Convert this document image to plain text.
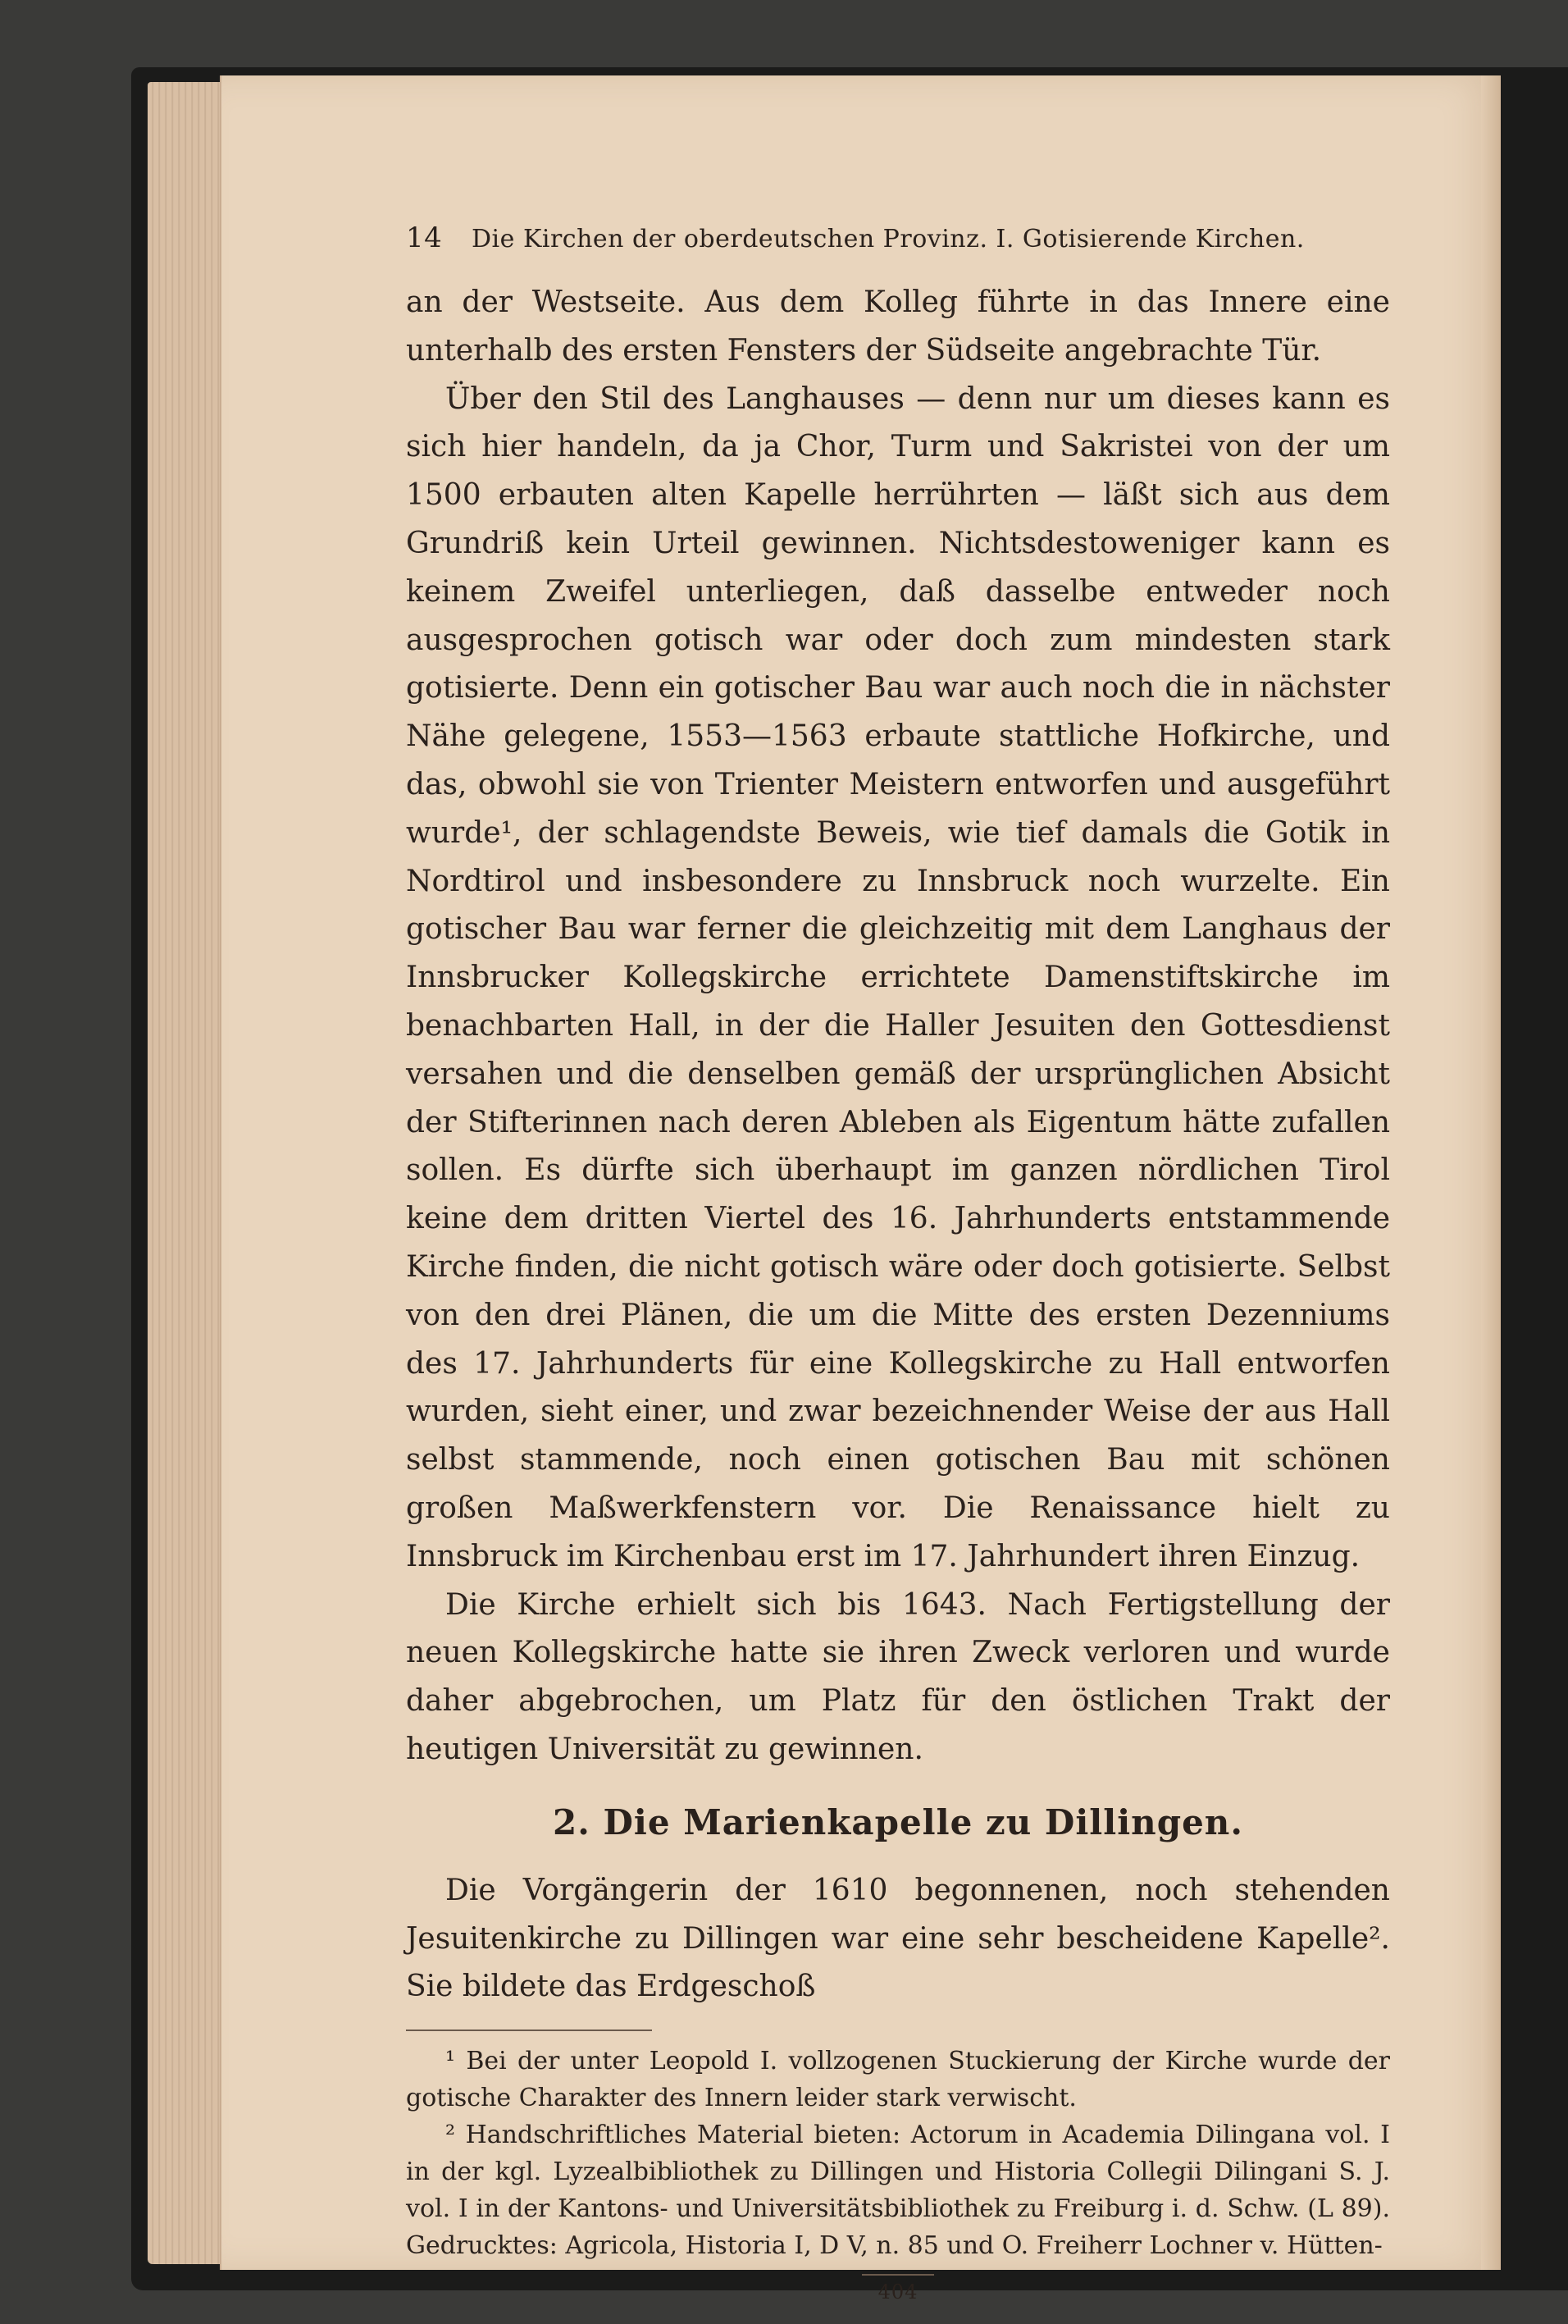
14	Die Kirchen der oberdeutschen Provinz. I. Gotisierende Kirchen.

an der Westseite. Aus dem Kolleg führte in das Innere eine unterhalb des ersten Fensters der Südseite angebrachte Tür.

Über den Stil des Langhauses — denn nur um dieses kann es sich hier handeln, da ja Chor, Turm und Sakristei von der um 1500 erbauten alten Kapelle herrührten — läßt sich aus dem Grundriß kein Urteil gewinnen. Nichtsdestoweniger kann es keinem Zweifel unterliegen, daß dasselbe entweder noch ausgesprochen gotisch war oder doch zum mindesten stark gotisierte. Denn ein gotischer Bau war auch noch die in nächster Nähe gelegene, 1553—1563 erbaute stattliche Hofkirche, und das, obwohl sie von Trienter Meistern entworfen und ausgeführt wurde¹, der schlagendste Beweis, wie tief damals die Gotik in Nordtirol und insbesondere zu Innsbruck noch wurzelte. Ein gotischer Bau war ferner die gleichzeitig mit dem Langhaus der Innsbrucker Kollegskirche errichtete Damenstiftskirche im benachbarten Hall, in der die Haller Jesuiten den Gottesdienst versahen und die denselben gemäß der ursprünglichen Absicht der Stifterinnen nach deren Ableben als Eigentum hätte zufallen sollen. Es dürfte sich überhaupt im ganzen nördlichen Tirol keine dem dritten Viertel des 16. Jahrhunderts entstammende Kirche finden, die nicht gotisch wäre oder doch gotisierte. Selbst von den drei Plänen, die um die Mitte des ersten Dezenniums des 17. Jahrhunderts für eine Kollegskirche zu Hall entworfen wurden, sieht einer, und zwar bezeichnender Weise der aus Hall selbst stammende, noch einen gotischen Bau mit schönen großen Maßwerkfenstern vor. Die Renaissance hielt zu Innsbruck im Kirchenbau erst im 17. Jahrhundert ihren Einzug.

Die Kirche erhielt sich bis 1643. Nach Fertigstellung der neuen Kollegskirche hatte sie ihren Zweck verloren und wurde daher abgebrochen, um Platz für den östlichen Trakt der heutigen Universität zu gewinnen.

2. Die Marienkapelle zu Dillingen.

Die Vorgängerin der 1610 begonnenen, noch stehenden Jesuitenkirche zu Dillingen war eine sehr bescheidene Kapelle². Sie bildete das Erdgeschoß

¹ Bei der unter Leopold I. vollzogenen Stuckierung der Kirche wurde der gotische Charakter des Innern leider stark verwischt.

² Handschriftliches Material bieten: Actorum in Academia Dilingana vol. I in der kgl. Lyzealbibliothek zu Dillingen und Historia Collegii Dilingani S. J. vol. I in der Kantons- und Universitätsbibliothek zu Freiburg i. d. Schw. (L 89). Gedrucktes: Agricola, Historia I, D V, n. 85 und O. Freiherr Lochner v. Hütten-

404
